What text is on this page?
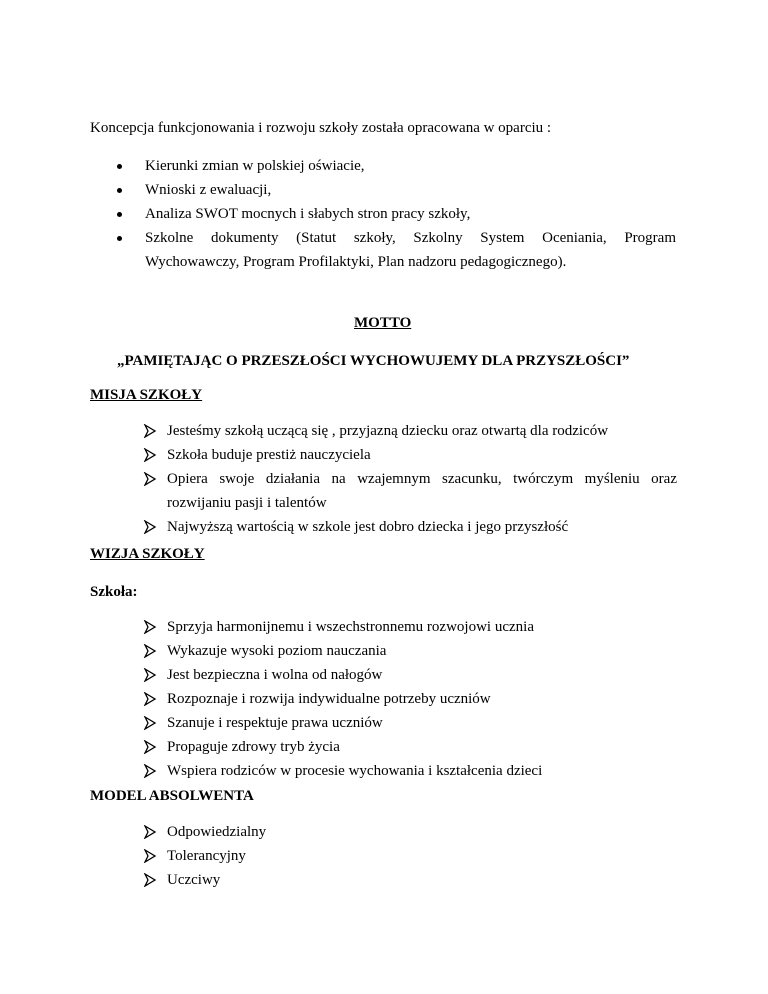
Koncepcja funkcjonowania i rozwoju szkoły została opracowana w oparciu :
Kierunki zmian w polskiej oświacie,
Wnioski z ewaluacji,
Analiza SWOT mocnych i słabych stron pracy szkoły,
Szkolne dokumenty (Statut szkoły, Szkolny System Oceniania, Program
Wychowawczy, Program Profilaktyki, Plan nadzoru pedagogicznego).
MOTTO
„PAMIĘTAJĄC O PRZESZŁOŚCI WYCHOWUJEMY DLA PRZYSZŁOŚCI”
MISJA SZKOŁY
Jesteśmy szkołą uczącą się , przyjazną dziecku oraz otwartą dla rodziców
Szkoła buduje prestiż nauczyciela
Opiera swoje działania na wzajemnym szacunku, twórczym myśleniu oraz
rozwijaniu pasji i talentów
Najwyższą wartością w szkole jest dobro dziecka i jego przyszłość
WIZJA SZKOŁY
Szkoła:
Sprzyja harmonijnemu i wszechstronnemu rozwojowi ucznia
Wykazuje wysoki poziom nauczania
Jest bezpieczna i wolna od nałogów
Rozpoznaje i rozwija indywidualne potrzeby uczniów
Szanuje i respektuje prawa uczniów
Propaguje zdrowy tryb życia
Wspiera rodziców w procesie wychowania i kształcenia dzieci
MODEL ABSOLWENTA
Odpowiedzialny
Tolerancyjny
Uczciwy
